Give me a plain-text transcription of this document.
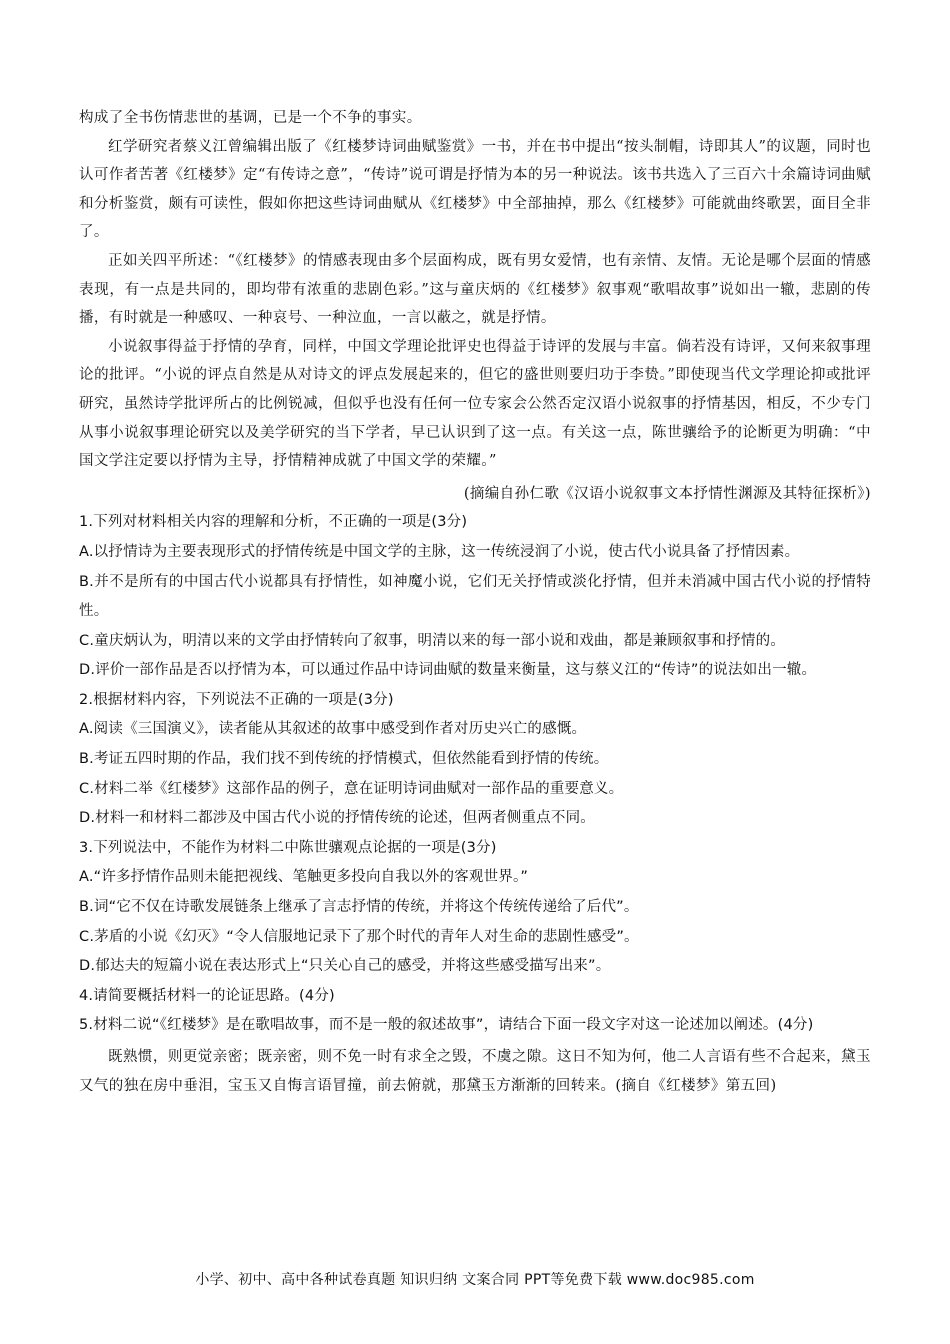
构成了全书伤情悲世的基调，已是一个不争的事实。

红学研究者蔡义江曾编辑出版了《红楼梦诗词曲赋鉴赏》一书，并在书中提出“按头制帽，诗即其人”的议题，同时也认可作者苦著《红楼梦》定“有传诗之意”，“传诗”说可谓是抒情为本的另一种说法。该书共选入了三百六十余篇诗词曲赋和分析鉴赏，颇有可读性，假如你把这些诗词曲赋从《红楼梦》中全部抽掉，那么《红楼梦》可能就曲终歌罢，面目全非了。

正如关四平所述：“《红楼梦》的情感表现由多个层面构成，既有男女爱情，也有亲情、友情。无论是哪个层面的情感表现，有一点是共同的，即均带有浓重的悲剧色彩。”这与童庆炳的《红楼梦》叙事观“歌唱故事”说如出一辙，悲剧的传播，有时就是一种感叹、一种哀号、一种泣血，一言以蔽之，就是抒情。

小说叙事得益于抒情的孕育，同样，中国文学理论批评史也得益于诗评的发展与丰富。倘若没有诗评，又何来叙事理论的批评。“小说的评点自然是从对诗文的评点发展起来的，但它的盛世则要归功于李贽。”即使现当代文学理论抑或批评研究，虽然诗学批评所占的比例锐减，但似乎也没有任何一位专家会公然否定汉语小说叙事的抒情基因，相反，不少专门从事小说叙事理论研究以及美学研究的当下学者，早已认识到了这一点。有关这一点，陈世骧给予的论断更为明确：“中国文学注定要以抒情为主导，抒情精神成就了中国文学的荣耀。”

(摘编自孙仁歌《汉语小说叙事文本抒情性渊源及其特征探析》)

1.下列对材料相关内容的理解和分析，不正确的一项是(3分)

A.以抒情诗为主要表现形式的抒情传统是中国文学的主脉，这一传统浸润了小说，使古代小说具备了抒情因素。

B.并不是所有的中国古代小说都具有抒情性，如神魔小说，它们无关抒情或淡化抒情，但并未消减中国古代小说的抒情特性。

C.童庆炳认为，明清以来的文学由抒情转向了叙事，明清以来的每一部小说和戏曲，都是兼顾叙事和抒情的。

D.评价一部作品是否以抒情为本，可以通过作品中诗词曲赋的数量来衡量，这与蔡义江的“传诗”的说法如出一辙。

2.根据材料内容，下列说法不正确的一项是(3分)

A.阅读《三国演义》，读者能从其叙述的故事中感受到作者对历史兴亡的感慨。

B.考证五四时期的作品，我们找不到传统的抒情模式，但依然能看到抒情的传统。

C.材料二举《红楼梦》这部作品的例子，意在证明诗词曲赋对一部作品的重要意义。

D.材料一和材料二都涉及中国古代小说的抒情传统的论述，但两者侧重点不同。

3.下列说法中，不能作为材料二中陈世骧观点论据的一项是(3分)

A.“许多抒情作品则未能把视线、笔触更多投向自我以外的客观世界。”

B.词“它不仅在诗歌发展链条上继承了言志抒情的传统，并将这个传统传递给了后代”。

C.茅盾的小说《幻灭》“令人信服地记录下了那个时代的青年人对生命的悲剧性感受”。

D.郁达夫的短篇小说在表达形式上“只关心自己的感受，并将这些感受描写出来”。

4.请简要概括材料一的论证思路。(4分)

5.材料二说“《红楼梦》是在歌唱故事，而不是一般的叙述故事”，请结合下面一段文字对这一论述加以阐述。(4分)

既熟惯，则更觉亲密；既亲密，则不免一时有求全之毁，不虞之隙。这日不知为何，他二人言语有些不合起来，黛玉又气的独在房中垂泪，宝玉又自悔言语冒撞，前去俯就，那黛玉方渐渐的回转来。(摘自《红楼梦》第五回)

小学、初中、高中各种试卷真题 知识归纳 文案合同 PPT等免费下载 www.doc985.com
